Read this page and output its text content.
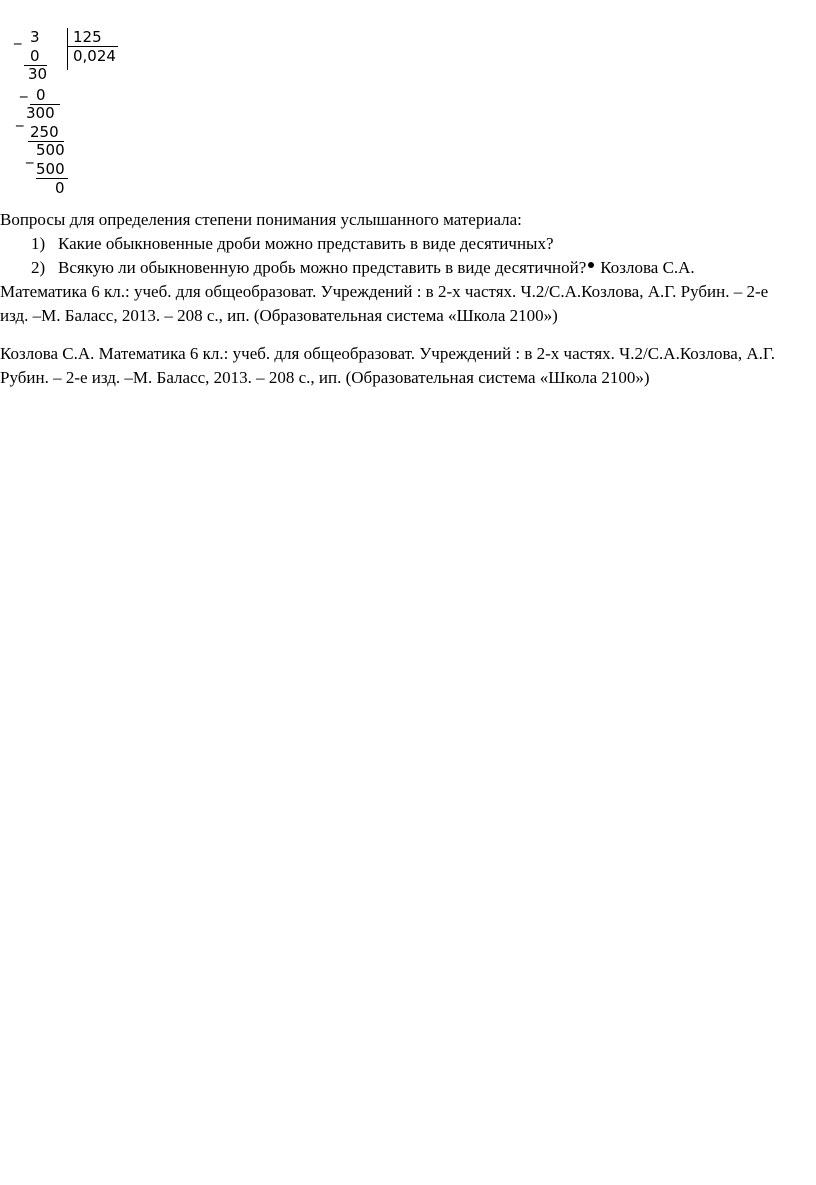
_
_
_
_
3 125
0,024
0
30
0
300
250
500
500
0

Вопросы для определения степени понимания услышанного материала:

1) Какие обыкновенные дроби можно представить в виде десятичных?
2) Всякую ли обыкновенную дробь можно представить в виде десятичной? Козлова С.А.

Математика 6 кл.: учеб. для общеобразоват. Учреждений : в 2-х частях. Ч.2/С.А.Козлова, А.Г. Рубин. – 2-е изд. –М. Баласс, 2013. – 208 с., ип. (Образовательная система «Школа 2100»)

Козлова С.А. Математика 6 кл.: учеб. для общеобразоват. Учреждений : в 2-х частях. Ч.2/С.А.Козлова, А.Г. Рубин. – 2-е изд. –М. Баласс, 2013. – 208 с., ип. (Образовательная система «Школа 2100»)
